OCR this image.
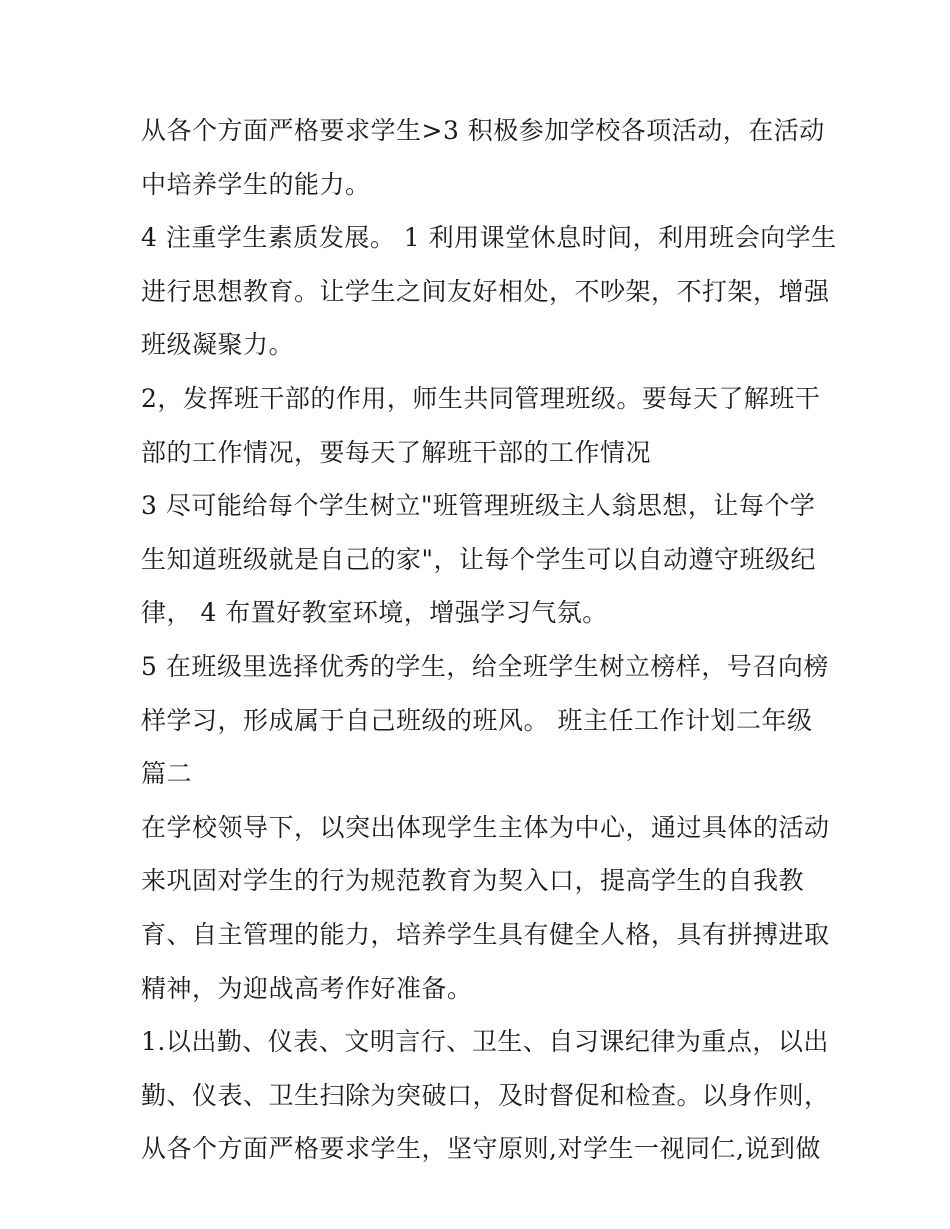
从各个方面严格要求学生>3 积极参加学校各项活动，在活动
中培养学生的能力。
4 注重学生素质发展。 1 利用课堂休息时间，利用班会向学生
进行思想教育。让学生之间友好相处，不吵架，不打架，增强
班级凝聚力。
2，发挥班干部的作用，师生共同管理班级。要每天了解班干
部的工作情况，要每天了解班干部的工作情况
3 尽可能给每个学生树立"班管理班级主人翁思想，让每个学
生知道班级就是自己的家"，让每个学生可以自动遵守班级纪
律， 4 布置好教室环境，增强学习气氛。
5 在班级里选择优秀的学生，给全班学生树立榜样，号召向榜
样学习，形成属于自己班级的班风。 班主任工作计划二年级
篇二
在学校领导下，以突出体现学生主体为中心，通过具体的活动
来巩固对学生的行为规范教育为契入口，提高学生的自我教
育、自主管理的能力，培养学生具有健全人格，具有拼搏进取
精神，为迎战高考作好准备。
1.以出勤、仪表、文明言行、卫生、自习课纪律为重点，以出
勤、仪表、卫生扫除为突破口，及时督促和检查。以身作则，
从各个方面严格要求学生，坚守原则,对学生一视同仁,说到做
